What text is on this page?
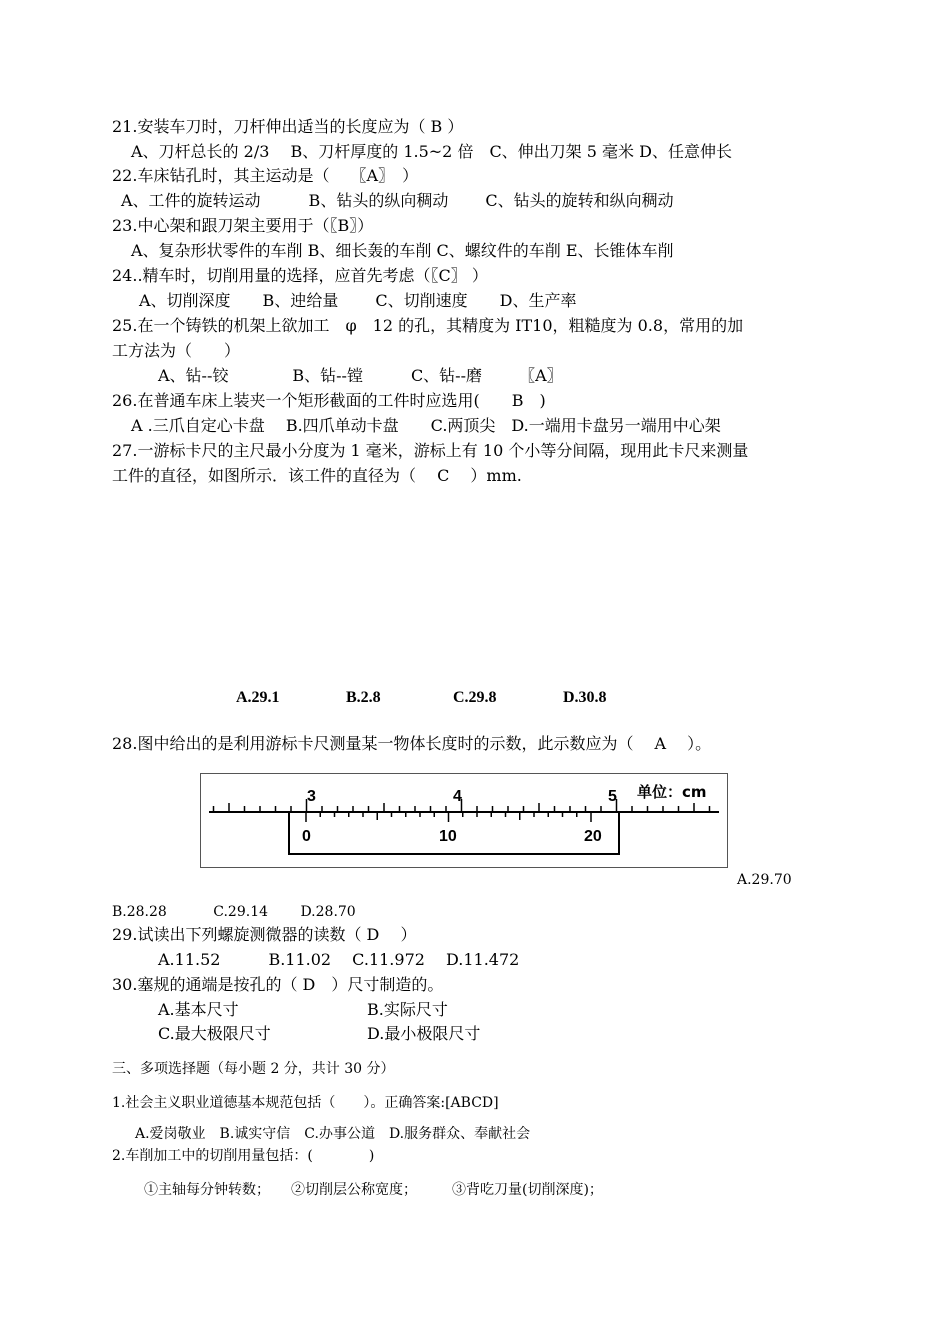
21.安装车刀时，刀杆伸出适当的长度应为（ B ）
A、刀杆总长的 2/3　 B、刀杆厚度的 1.5~2 倍　C、伸出刀架 5 毫米 D、任意伸长
22.车床钻孔时，其主运动是（　 〖A〗　）
A、工件的旋转运动　　　B、钻头的纵向稠动　　 C、钻头的旋转和纵向稠动
23.中心架和跟刀架主要用于（〖B〗）
A、复杂形状零件的车削 B、细长轰的车削 C、螺纹件的车削 E、长锥体车削
24..精车时，切削用量的选择，应首先考虑（〖C〗 ）
A、切削深度　　B、迚给量　　 C、切削速度　　D、生产率
25.在一个铸铁的机架上欲加工　φ　12 的孔，其精度为 IT10，粗糙度为 0.8，常用的加
工方法为（　　）
A、钻--铰　　　　B、钻--镗　　　C、钻--磨　　 〖A〗
26.在普通车床上装夹一个矩形截面的工件时应选用(　　B　)
A .三爪自定心卡盘　 B.四爪单动卡盘　　C.两顶尖　D.一端用卡盘另一端用中心架
27.一游标卡尺的主尺最小分度为 1 毫米，游标上有 10 个小等分间隔，现用此卡尺来测量
工件的直径，如图所示．该工件的直径为（　 C　 ）mm.
A.29.1	B.2.8	C.29.8	D.30.8
28.图中给出的是利用游标卡尺测量某一物体长度时的示数，此示数应为（　 A　 ）。
3	4	5 单位：cm
0	10	20
A.29.70
B.28.28　　　 C.29.14　　 D.28.70
29.试读出下列螺旋测微器的读数（ D　 ）
A.11.52　　　B.11.02　 C.11.972　 D.11.472
30.塞规的通端是按孔的（ D　）尺寸制造的。
A.基本尺寸	B.实际尺寸
C.最大极限尺寸	D.最小极限尺寸
三、多项选择题（每小题 2 分，共计 30 分）
1.社会主义职业道德基本规范包括（　　）。正确答案:[ABCD]
A.爱岗敬业　B.诚实守信　C.办事公道　D.服务群众、奉献社会
2.车削加工中的切削用量包括：(　　　　)
①主轴每分钟转数；　　②切削层公称宽度；　　　③背吃刀量(切削深度)；
